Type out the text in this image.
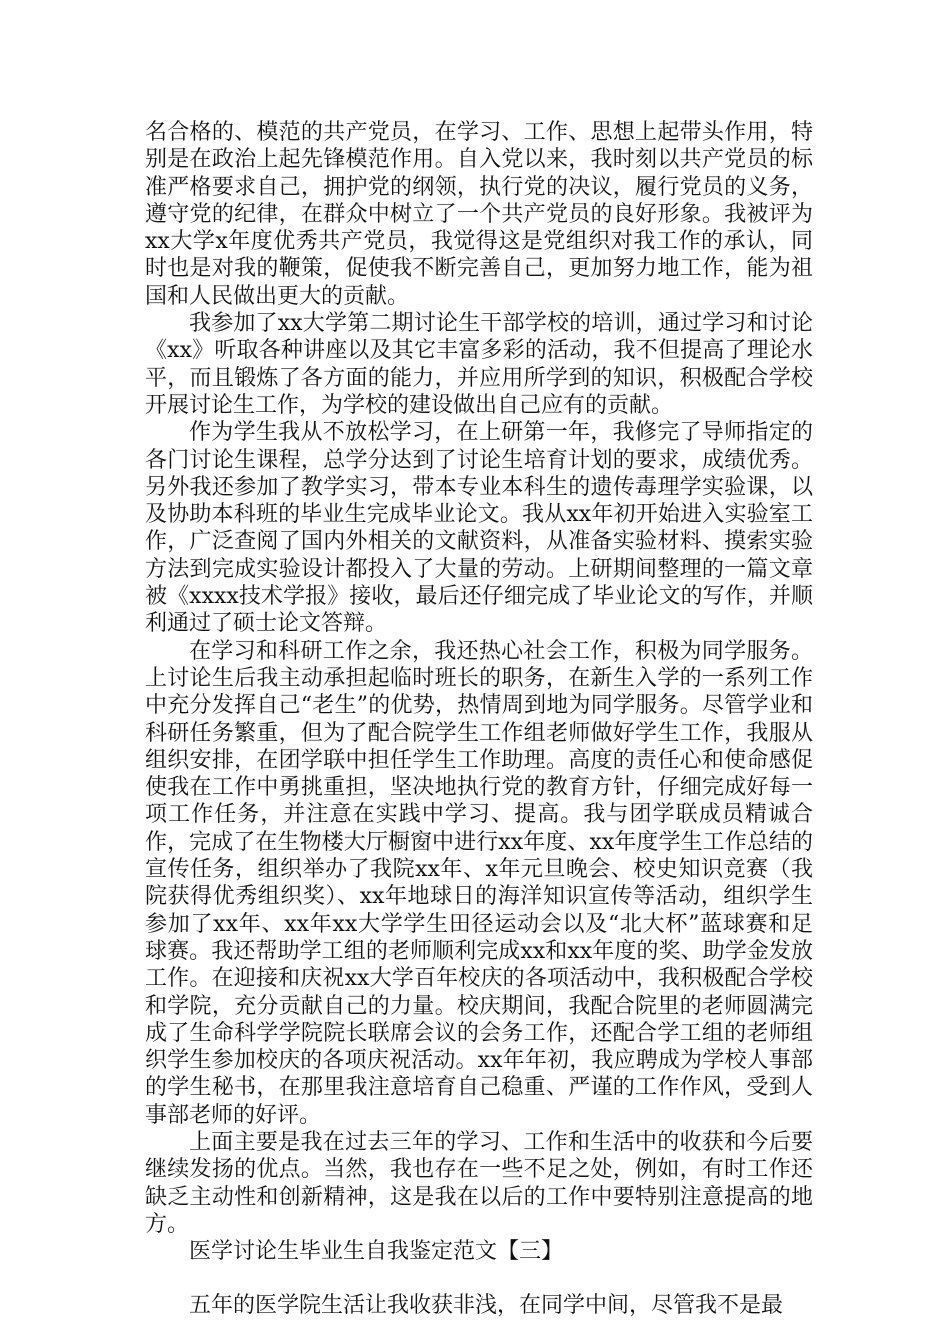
名合格的、模范的共产党员，在学习、工作、思想上起带头作用，特别是在政治上起先锋模范作用。自入党以来，我时刻以共产党员的标准严格要求自己，拥护党的纲领，执行党的决议，履行党员的义务，遵守党的纪律，在群众中树立了一个共产党员的良好形象。我被评为xx大学x年度优秀共产党员，我觉得这是党组织对我工作的承认，同时也是对我的鞭策，促使我不断完善自己，更加努力地工作，能为祖国和人民做出更大的贡献。

我参加了xx大学第二期讨论生干部学校的培训，通过学习和讨论《xx》听取各种讲座以及其它丰富多彩的活动，我不但提高了理论水平，而且锻炼了各方面的能力，并应用所学到的知识，积极配合学校开展讨论生工作，为学校的建设做出自己应有的贡献。

作为学生我从不放松学习，在上研第一年，我修完了导师指定的各门讨论生课程，总学分达到了讨论生培育计划的要求，成绩优秀。另外我还参加了教学实习，带本专业本科生的遗传毒理学实验课，以及协助本科班的毕业生完成毕业论文。我从xx年初开始进入实验室工作，广泛查阅了国内外相关的文献资料，从准备实验材料、摸索实验方法到完成实验设计都投入了大量的劳动。上研期间整理的一篇文章被《xxxx技术学报》接收，最后还仔细完成了毕业论文的写作，并顺利通过了硕士论文答辩。

在学习和科研工作之余，我还热心社会工作，积极为同学服务。上讨论生后我主动承担起临时班长的职务，在新生入学的一系列工作中充分发挥自己“老生”的优势，热情周到地为同学服务。尽管学业和科研任务繁重，但为了配合院学生工作组老师做好学生工作，我服从组织安排，在团学联中担任学生工作助理。高度的责任心和使命感促使我在工作中勇挑重担，坚决地执行党的教育方针，仔细完成好每一项工作任务，并注意在实践中学习、提高。我与团学联成员精诚合作，完成了在生物楼大厅橱窗中进行xx年度、xx年度学生工作总结的宣传任务，组织举办了我院xx年、x年元旦晚会、校史知识竞赛（我院获得优秀组织奖）、xx年地球日的海洋知识宣传等活动，组织学生参加了xx年、xx年xx大学学生田径运动会以及“北大杯”蓝球赛和足球赛。我还帮助学工组的老师顺利完成xx和xx年度的奖、助学金发放工作。在迎接和庆祝xx大学百年校庆的各项活动中，我积极配合学校和学院，充分贡献自己的力量。校庆期间，我配合院里的老师圆满完成了生命科学学院院长联席会议的会务工作，还配合学工组的老师组织学生参加校庆的各项庆祝活动。xx年年初，我应聘成为学校人事部的学生秘书，在那里我注意培育自己稳重、严谨的工作作风，受到人事部老师的好评。

上面主要是我在过去三年的学习、工作和生活中的收获和今后要继续发扬的优点。当然，我也存在一些不足之处，例如，有时工作还缺乏主动性和创新精神，这是我在以后的工作中要特别注意提高的地方。

医学讨论生毕业生自我鉴定范文【三】

五年的医学院生活让我收获非浅，在同学中间，尽管我不是最
